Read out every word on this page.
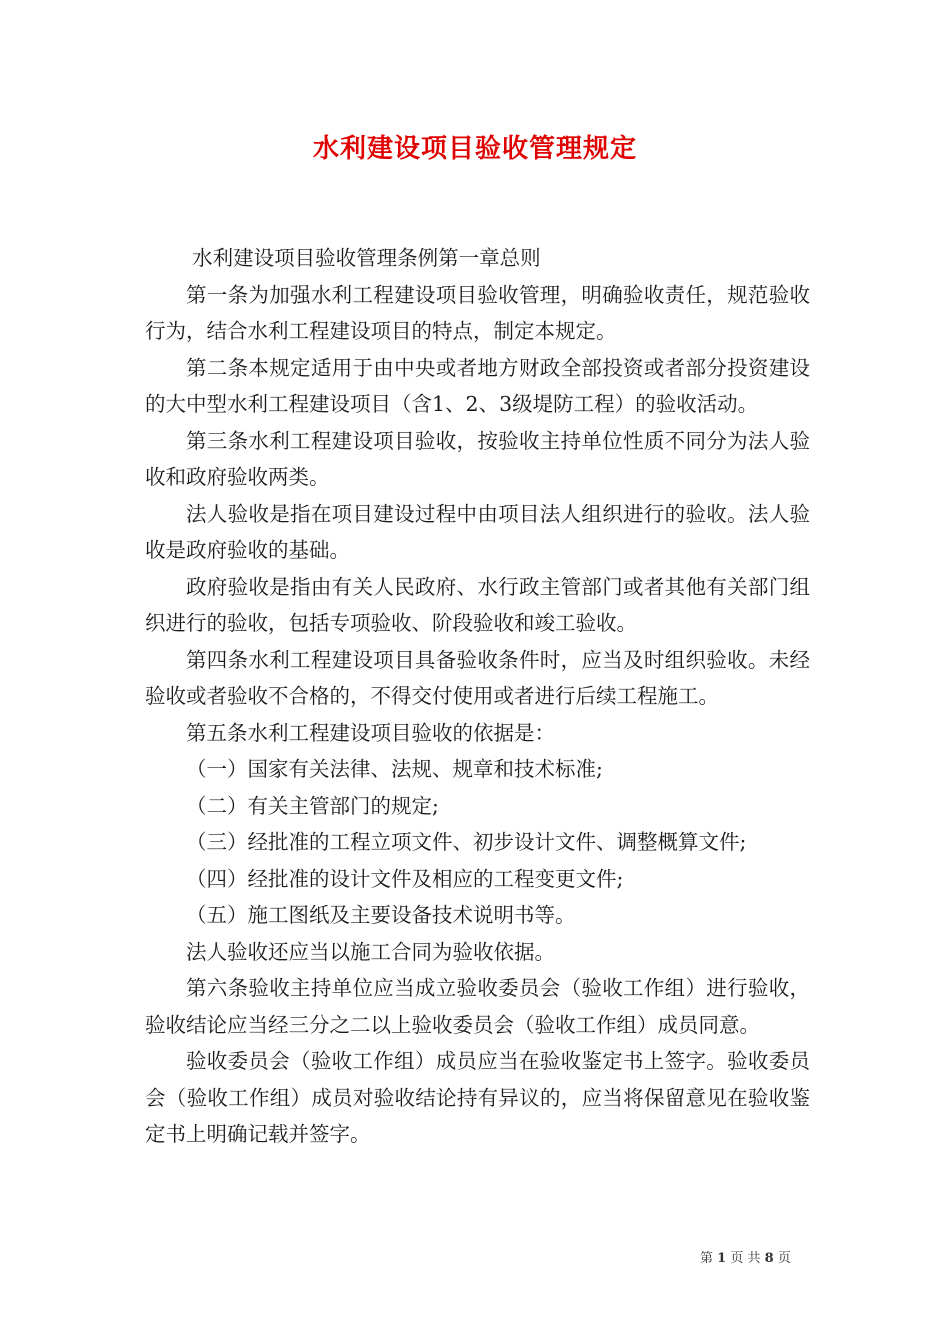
水利建设项目验收管理规定

水利建设项目验收管理条例第一章总则

第一条为加强水利工程建设项目验收管理，明确验收责任，规范验收行为，结合水利工程建设项目的特点，制定本规定。

第二条本规定适用于由中央或者地方财政全部投资或者部分投资建设的大中型水利工程建设项目（含1、2、3级堤防工程）的验收活动。

第三条水利工程建设项目验收，按验收主持单位性质不同分为法人验收和政府验收两类。

法人验收是指在项目建设过程中由项目法人组织进行的验收。法人验收是政府验收的基础。

政府验收是指由有关人民政府、水行政主管部门或者其他有关部门组织进行的验收，包括专项验收、阶段验收和竣工验收。

第四条水利工程建设项目具备验收条件时，应当及时组织验收。未经验收或者验收不合格的，不得交付使用或者进行后续工程施工。

第五条水利工程建设项目验收的依据是：

（一）国家有关法律、法规、规章和技术标准;

（二）有关主管部门的规定;

（三）经批准的工程立项文件、初步设计文件、调整概算文件;

（四）经批准的设计文件及相应的工程变更文件;

（五）施工图纸及主要设备技术说明书等。

法人验收还应当以施工合同为验收依据。

第六条验收主持单位应当成立验收委员会（验收工作组）进行验收，验收结论应当经三分之二以上验收委员会（验收工作组）成员同意。

验收委员会（验收工作组）成员应当在验收鉴定书上签字。验收委员会（验收工作组）成员对验收结论持有异议的，应当将保留意见在验收鉴定书上明确记载并签字。

第 1 页 共 8 页
